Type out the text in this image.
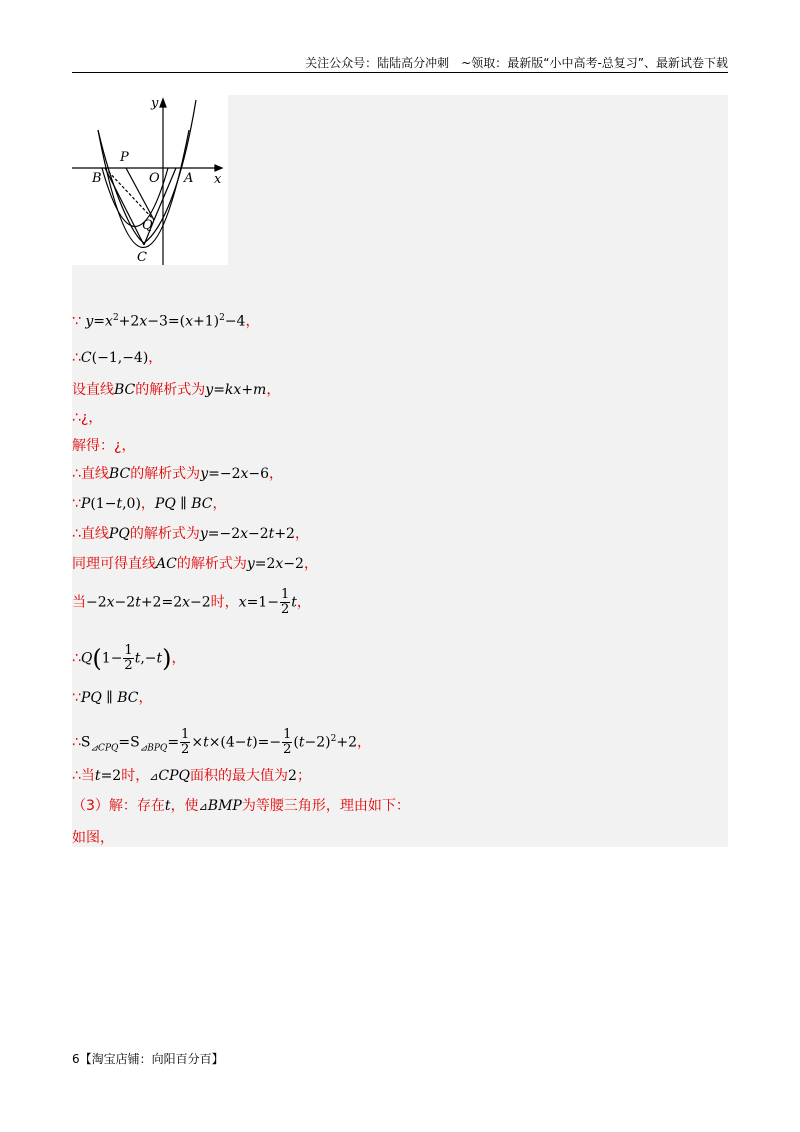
关注公众号：陆陆高分冲刺　~领取：最新版“小中高考-总复习”、最新试卷下载
y
x
P
B	O A
Q
C
∵ $y=x^2+2x-3=(x+1)^2-4$，
∴C(−1,−4)，
设直线BC的解析式为y=kx+m，
∴¿，
解得：¿，
∴直线BC的解析式为y=−2x−6，
∵P(1−t,0)，PQ ∥ BC，
∴直线PQ的解析式为y=−2x−2t+2，
同理可得直线AC的解析式为y=2x−2，
当−2x−2t+2=2x−2时，$x=1- \frac{1}{2}$ t，
∴Q(1− $\frac{1}{2} t,-t$)，
∵PQ ∥ BC，
$\therefore S_{⊿CPQ}=S_{⊿BPQ}= \frac{1}{2} \times t\times(4-t)=- \frac{1}{2} (t-2)^2+2$，
∴当t=2时，⊿CPQ面积的最大值为2；
（3）解：存在t，使⊿BMP为等腰三角形，理由如下：
如图，
6【淘宝店铺：向阳百分百】
